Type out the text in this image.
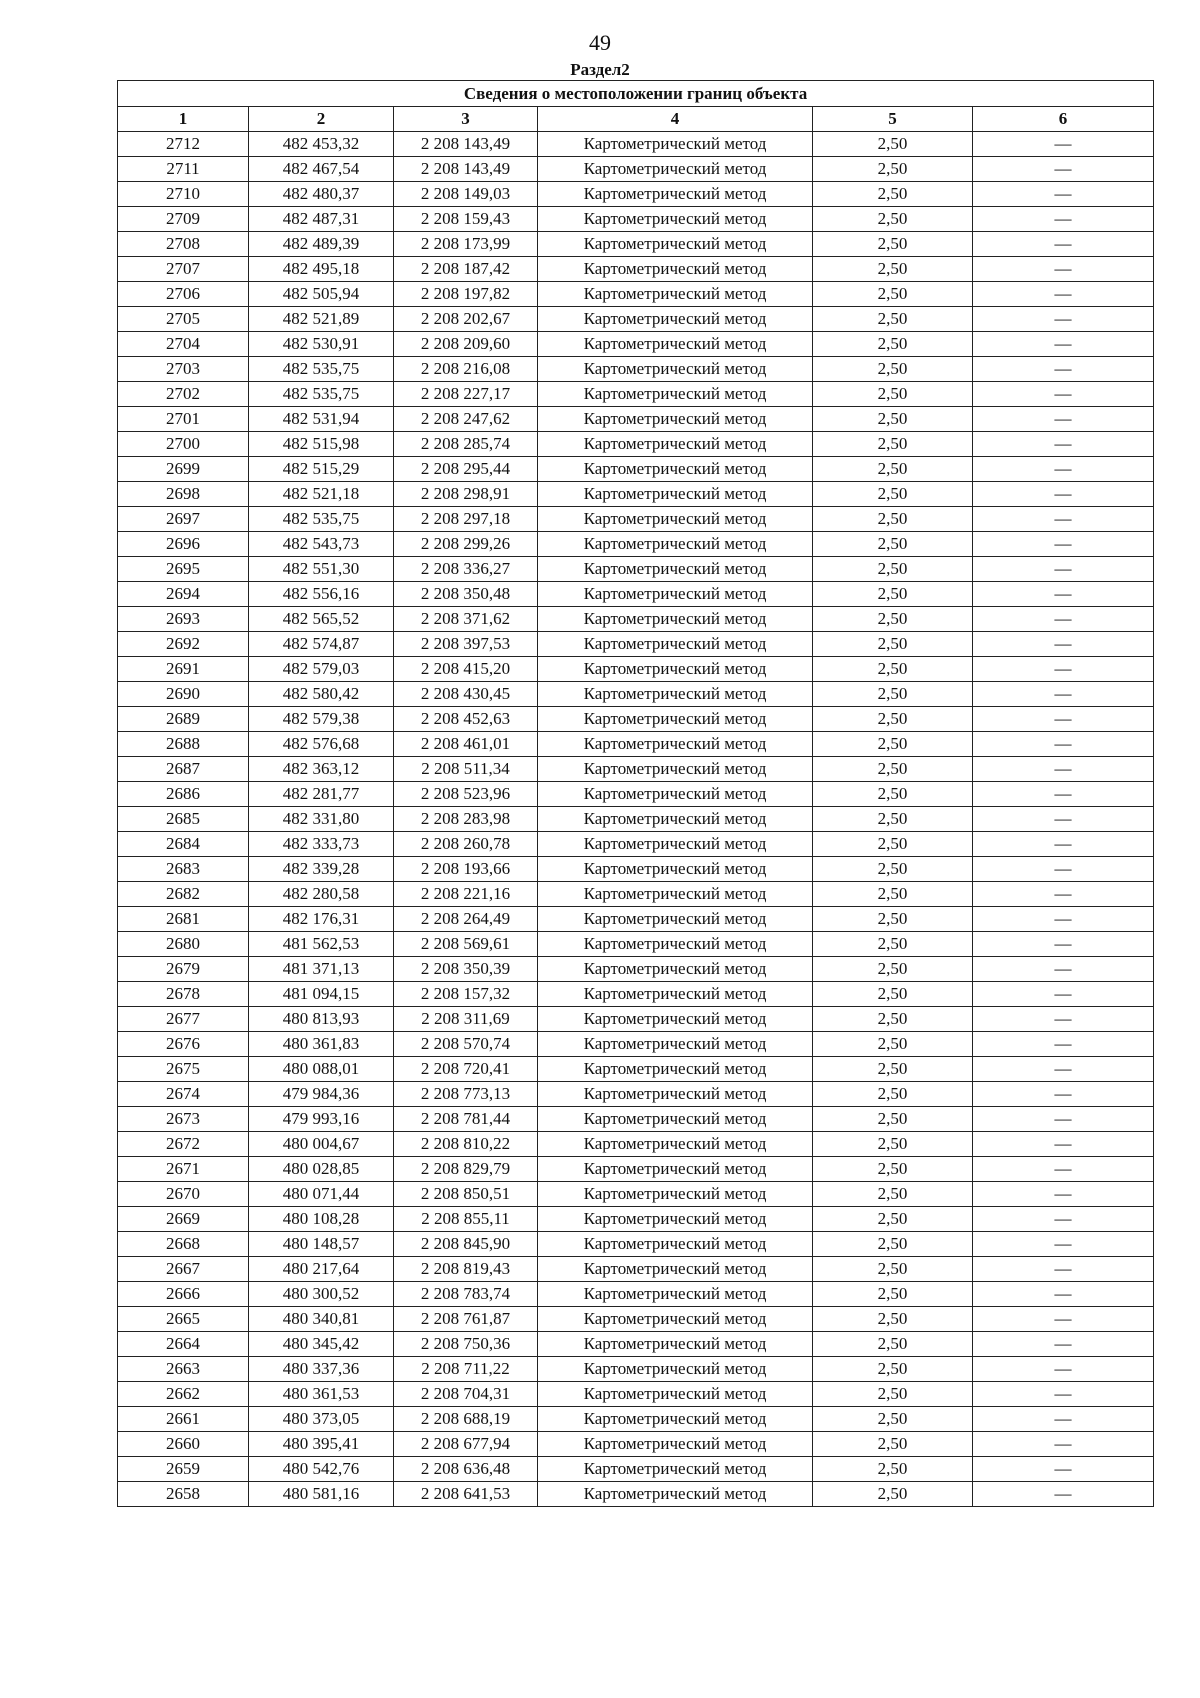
49
Раздел2
Сведения о местоположении границ объекта					
1	2	3	4	5	6
2712	482 453,32	2 208 143,49	Картометрический метод	2,50	—
2711	482 467,54	2 208 143,49	Картометрический метод	2,50	—
2710	482 480,37	2 208 149,03	Картометрический метод	2,50	—
2709	482 487,31	2 208 159,43	Картометрический метод	2,50	—
2708	482 489,39	2 208 173,99	Картометрический метод	2,50	—
2707	482 495,18	2 208 187,42	Картометрический метод	2,50	—
2706	482 505,94	2 208 197,82	Картометрический метод	2,50	—
2705	482 521,89	2 208 202,67	Картометрический метод	2,50	—
2704	482 530,91	2 208 209,60	Картометрический метод	2,50	—
2703	482 535,75	2 208 216,08	Картометрический метод	2,50	—
2702	482 535,75	2 208 227,17	Картометрический метод	2,50	—
2701	482 531,94	2 208 247,62	Картометрический метод	2,50	—
2700	482 515,98	2 208 285,74	Картометрический метод	2,50	—
2699	482 515,29	2 208 295,44	Картометрический метод	2,50	—
2698	482 521,18	2 208 298,91	Картометрический метод	2,50	—
2697	482 535,75	2 208 297,18	Картометрический метод	2,50	—
2696	482 543,73	2 208 299,26	Картометрический метод	2,50	—
2695	482 551,30	2 208 336,27	Картометрический метод	2,50	—
2694	482 556,16	2 208 350,48	Картометрический метод	2,50	—
2693	482 565,52	2 208 371,62	Картометрический метод	2,50	—
2692	482 574,87	2 208 397,53	Картометрический метод	2,50	—
2691	482 579,03	2 208 415,20	Картометрический метод	2,50	—
2690	482 580,42	2 208 430,45	Картометрический метод	2,50	—
2689	482 579,38	2 208 452,63	Картометрический метод	2,50	—
2688	482 576,68	2 208 461,01	Картометрический метод	2,50	—
2687	482 363,12	2 208 511,34	Картометрический метод	2,50	—
2686	482 281,77	2 208 523,96	Картометрический метод	2,50	—
2685	482 331,80	2 208 283,98	Картометрический метод	2,50	—
2684	482 333,73	2 208 260,78	Картометрический метод	2,50	—
2683	482 339,28	2 208 193,66	Картометрический метод	2,50	—
2682	482 280,58	2 208 221,16	Картометрический метод	2,50	—
2681	482 176,31	2 208 264,49	Картометрический метод	2,50	—
2680	481 562,53	2 208 569,61	Картометрический метод	2,50	—
2679	481 371,13	2 208 350,39	Картометрический метод	2,50	—
2678	481 094,15	2 208 157,32	Картометрический метод	2,50	—
2677	480 813,93	2 208 311,69	Картометрический метод	2,50	—
2676	480 361,83	2 208 570,74	Картометрический метод	2,50	—
2675	480 088,01	2 208 720,41	Картометрический метод	2,50	—
2674	479 984,36	2 208 773,13	Картометрический метод	2,50	—
2673	479 993,16	2 208 781,44	Картометрический метод	2,50	—
2672	480 004,67	2 208 810,22	Картометрический метод	2,50	—
2671	480 028,85	2 208 829,79	Картометрический метод	2,50	—
2670	480 071,44	2 208 850,51	Картометрический метод	2,50	—
2669	480 108,28	2 208 855,11	Картометрический метод	2,50	—
2668	480 148,57	2 208 845,90	Картометрический метод	2,50	—
2667	480 217,64	2 208 819,43	Картометрический метод	2,50	—
2666	480 300,52	2 208 783,74	Картометрический метод	2,50	—
2665	480 340,81	2 208 761,87	Картометрический метод	2,50	—
2664	480 345,42	2 208 750,36	Картометрический метод	2,50	—
2663	480 337,36	2 208 711,22	Картометрический метод	2,50	—
2662	480 361,53	2 208 704,31	Картометрический метод	2,50	—
2661	480 373,05	2 208 688,19	Картометрический метод	2,50	—
2660	480 395,41	2 208 677,94	Картометрический метод	2,50	—
2659	480 542,76	2 208 636,48	Картометрический метод	2,50	—
2658	480 581,16	2 208 641,53	Картометрический метод	2,50	—
